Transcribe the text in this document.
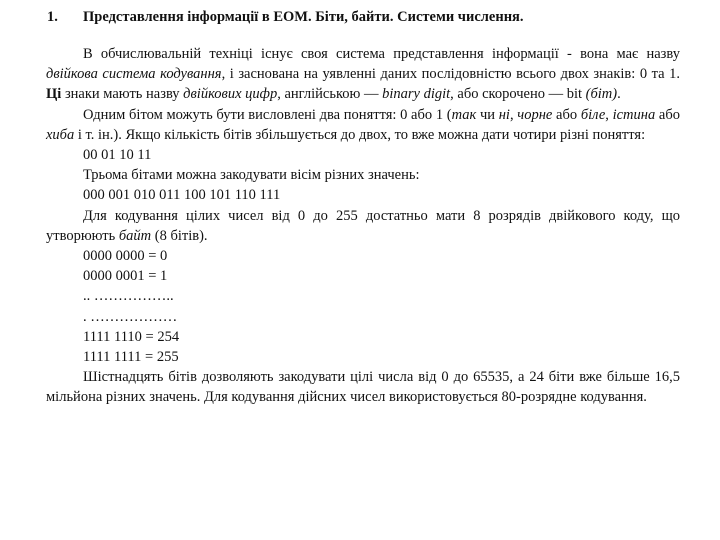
1. Представлення інформації в ЕОМ. Біти, байти. Системи числення.

В обчислювальній техніці існує своя система представлення інформації - вона має назву двійкова система кодування, і заснована на уявленні даних послідовністю всього двох знаків: 0 та 1. Ці знаки мають назву двійкових цифр, англійською — binary digit, або скорочено — bit (біт).

Одним бітом можуть бути висловлені два поняття: 0 або 1 (так чи ні, чорне або біле, істина або хиба і т. ін.). Якщо кількість бітів збільшується до двох, то вже можна дати чотири різні поняття:

00 01 10 11

Трьома бітами можна закодувати вісім різних значень:

000 001 010 011 100 101 110 111

Для кодування цілих чисел від 0 до 255 достатньо мати 8 розрядів двійкового коду, що утворюють байт (8 бітів).

0000 0000 = 0

0000 0001 = 1

.. ……………..

. ………………

1111 1110 = 254

1111 1111 = 255

Шістнадцять бітів дозволяють закодувати цілі числа від 0 до 65535, а 24 біти вже більше 16,5 мільйона різних значень. Для кодування дійсних чисел використовується 80-розрядне кодування.
